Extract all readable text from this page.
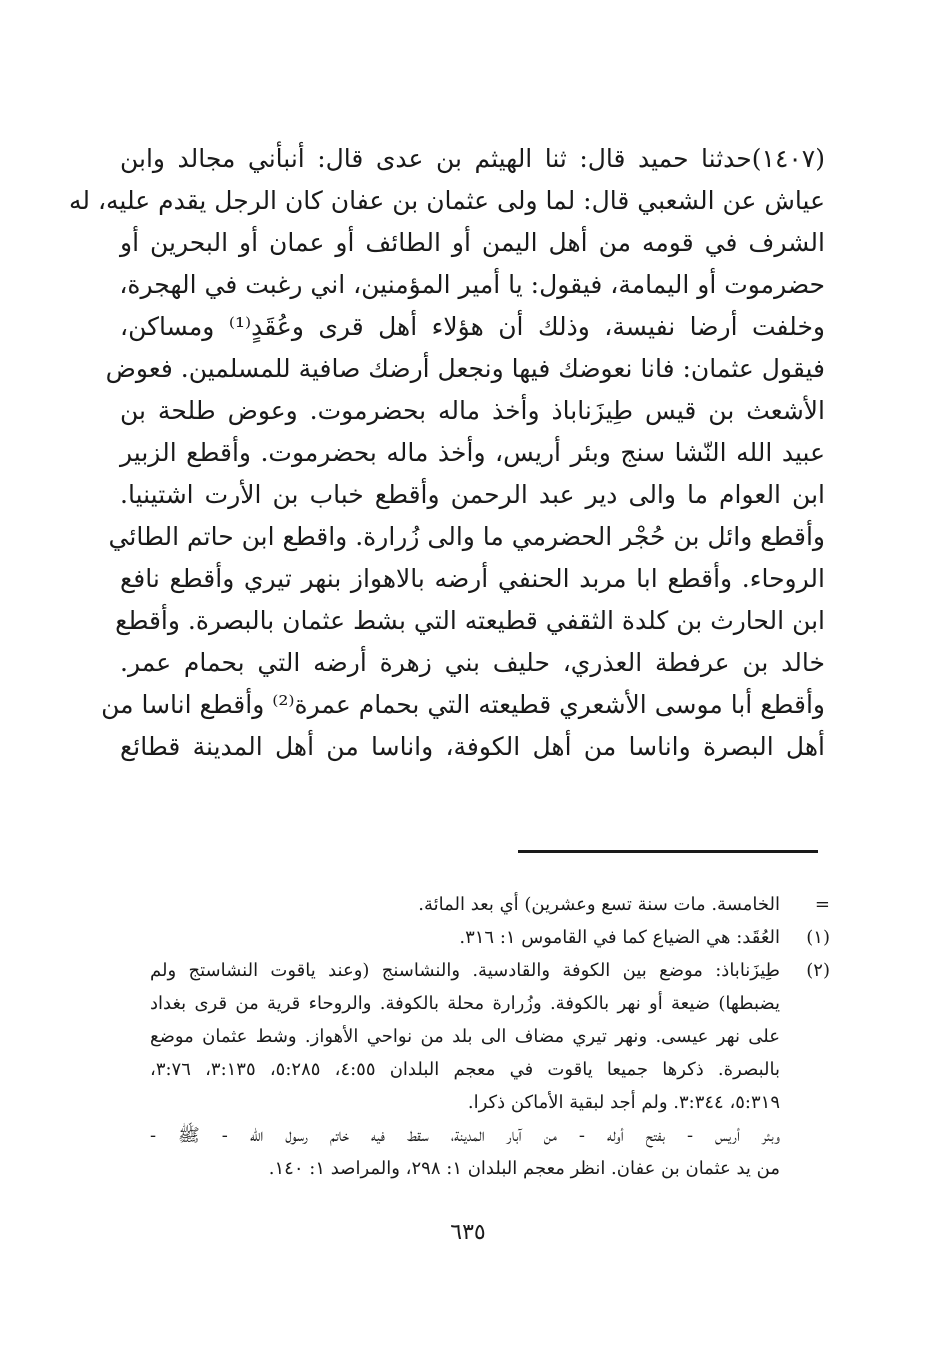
(١٤٠٧)حدثنا حميد قال: ثنا الهيثم بن عدى قال: أنبأني مجالد وابن
عياش عن الشعبي قال: لما ولى عثمان بن عفان كان الرجل يقدم عليه، له
الشرف في قومه من أهل اليمن أو الطائف أو عمان أو البحرين أو
حضرموت أو اليمامة، فيقول: يا أمير المؤمنين، اني رغبت في الهجرة،
وخلفت أرضا نفيسة، وذلك أن هؤلاء أهل قرى وعُقَدٍ⁽¹⁾ ومساكن،
فيقول عثمان: فانا نعوضك فيها ونجعل أرضك صافية للمسلمين. فعوض
الأشعث بن قيس طِيزَناباذ وأخذ ماله بحضرموت. وعوض طلحة بن
عبيد الله النّشا سنج وبئر أريس، وأخذ ماله بحضرموت. وأقطع الزبير
ابن العوام ما والى دير عبد الرحمن وأقطع خباب بن الأرت اشتينيا.
وأقطع وائل بن حُجْر الحضرمي ما والى زُرارة. واقطع ابن حاتم الطائي
الروحاء. وأقطع ابا مربد الحنفي أرضه بالاهواز بنهر تيري وأقطع نافع
ابن الحارث بن كلدة الثقفي قطيعته التي بشط عثمان بالبصرة. وأقطع
خالد بن عرفطة العذري، حليف بني زهرة أرضه التي بحمام عمر.
وأقطع أبا موسى الأشعري قطيعته التي بحمام عمرة⁽²⁾ وأقطع اناسا من
أهل البصرة واناسا من أهل الكوفة، واناسا من أهل المدينة قطائع
=
الخامسة. مات سنة تسع وعشرين) أي بعد المائة.
(١)
العُقَد: هي الضياع كما في القاموس ١: ٣١٦.
(٢)
طِيزَناباذ: موضع بين الكوفة والقادسية. والنشاسنج (وعند ياقوت النشاستج ولم
يضبطها) ضيعة أو نهر بالكوفة. وزُرارة محلة بالكوفة. والروحاء قرية من قرى بغداد
على نهر عيسى. ونهر تيري مضاف الى بلد من نواحي الأهواز. وشط عثمان موضع
بالبصرة. ذكرها جميعا ياقوت في معجم البلدان ٤:٥٥، ٥:٢٨٥، ٣:١٣٥، ٣:٧٦،
٥:٣١٩، ٣:٣٤٤. ولم أجد لبقية الأماكن ذكرا.
وبئر أريس - بفتح أوله - من آبار المدينة، سقط فيه خاتم رسول الله - ﷺ -
من يد عثمان بن عفان. انظر معجم البلدان ١: ٢٩٨، والمراصد ١: ١٤٠.
٦٣٥
